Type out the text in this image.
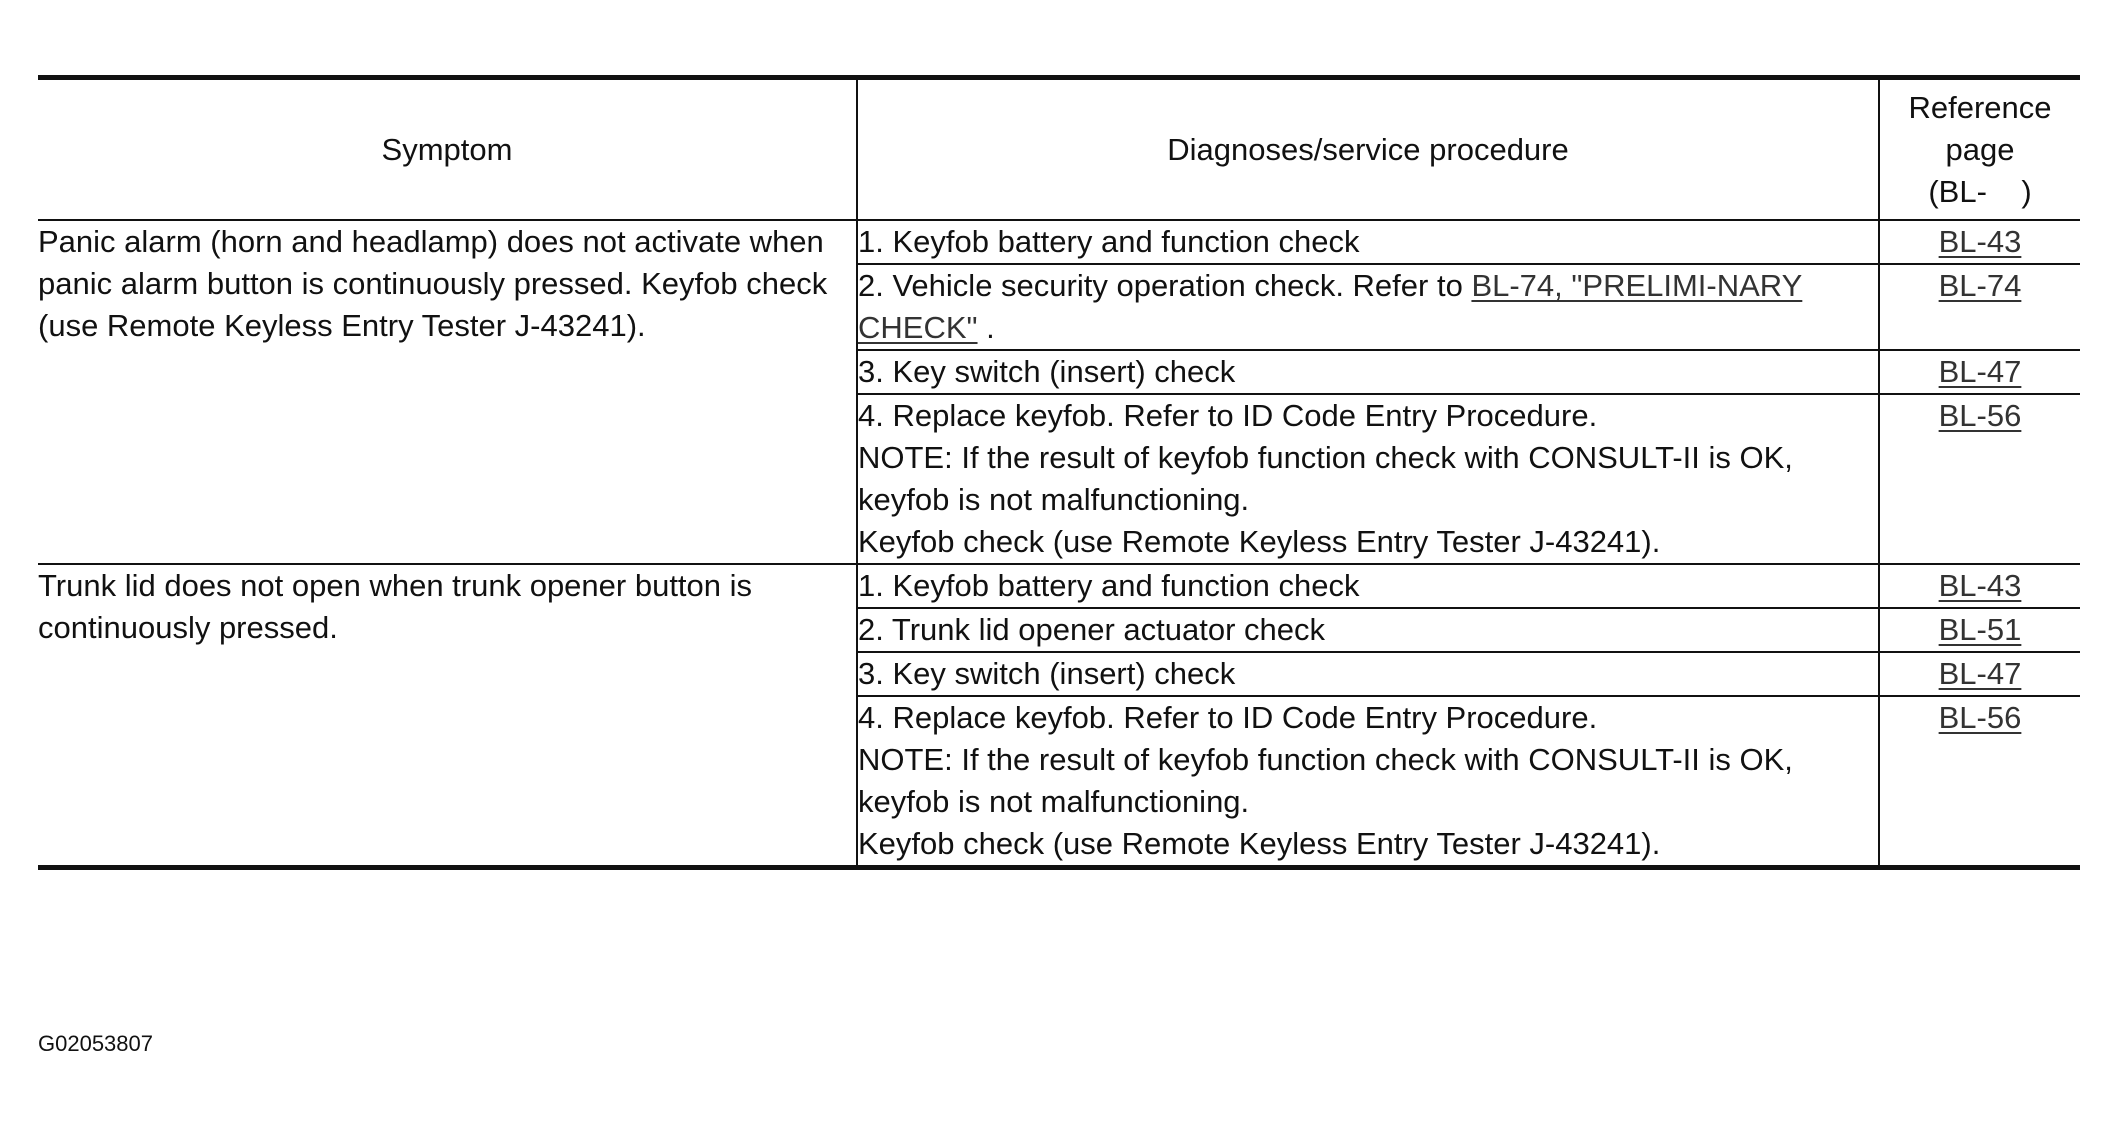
Symptom	Diagnoses/service procedure	Reference
page
(BL-    )

Panic alarm (horn and headlamp) does not activate when panic alarm button is continuously pressed. Keyfob check (use Remote Keyless Entry Tester J-43241).	1. Keyfob battery and function check	BL-43
	2. Vehicle security operation check. Refer to BL-74, "PRELIMI-NARY CHECK" .	BL-74
	3. Key switch (insert) check	BL-47

	4. Replace keyfob. Refer to ID Code Entry Procedure.
NOTE: If the result of keyfob function check with CONSULT-II is OK, keyfob is not malfunctioning.
Keyfob check (use Remote Keyless Entry Tester J-43241).	BL-56
Trunk lid does not open when trunk opener button is continuously pressed.	1. Keyfob battery and function check	BL-43
	2. Trunk lid opener actuator check	BL-51
	3. Key switch (insert) check	BL-47

	4. Replace keyfob. Refer to ID Code Entry Procedure.
NOTE: If the result of keyfob function check with CONSULT-II is OK, keyfob is not malfunctioning.
Keyfob check (use Remote Keyless Entry Tester J-43241).	BL-56
G02053807
